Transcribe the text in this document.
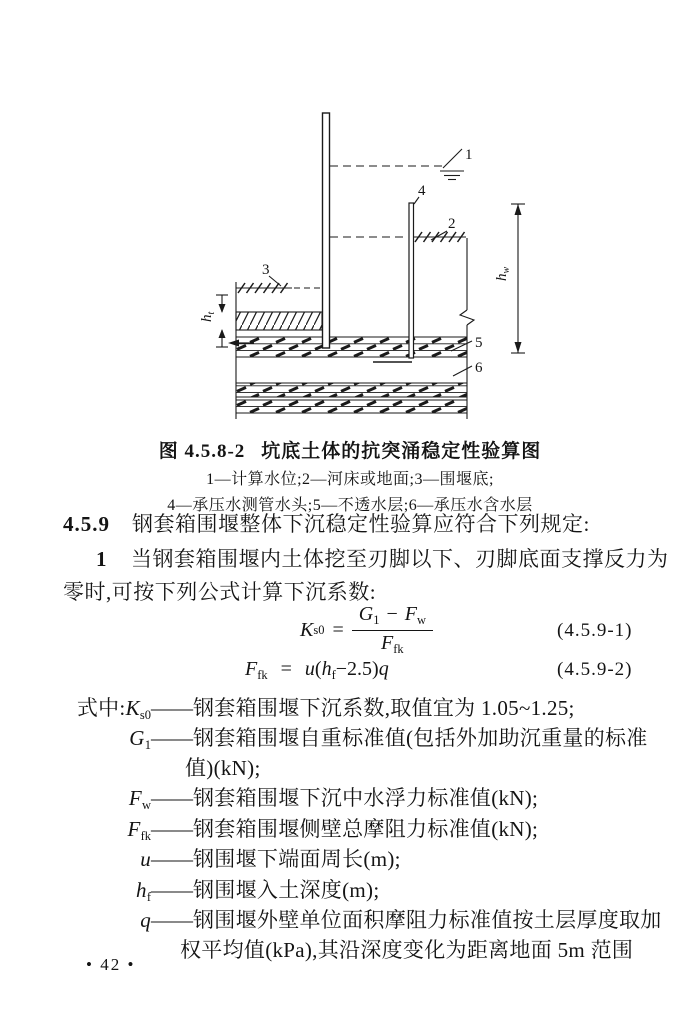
1
2
3
4
5
6
$h_t$
$h_w$
图 4.5.8-2 坑底土体的抗突涌稳定性验算图
1—计算水位;2—河床或地面;3—围堰底;
4—承压水测管水头;5—不透水层;6—承压水含水层
4.5.9 钢套箱围堰整体下沉稳定性验算应符合下列规定:
1 当钢套箱围堰内土体挖至刃脚以下、刃脚底面支撑反力为
零时,可按下列公式计算下沉系数:
K $s0 = \frac{G_1 - F_w}{F_{fk}}$	(4.5.9-1)
$F_{fk} = u(h_f-2.5)q$	(4.5.9-2)
式中$:K_{s0}$ —— 钢套箱围堰下沉系数,取值宜为 1.05~1.25;
$G_1$ —— 钢套箱围堰自重标准值(包括外加助沉重量的标准
值)(kN);
$F_w$ —— 钢套箱围堰下沉中水浮力标准值(kN);
$F_{fk}$ —— 钢套箱围堰侧壁总摩阻力标准值(kN);
u —— 钢围堰下端面周长(m);
$h_f$ —— 钢围堰入土深度(m);
q —— 钢围堰外壁单位面积摩阻力标准值按土层厚度取加
权平均值(kPa),其沿深度变化为距离地面 5m 范围
• 42 •
